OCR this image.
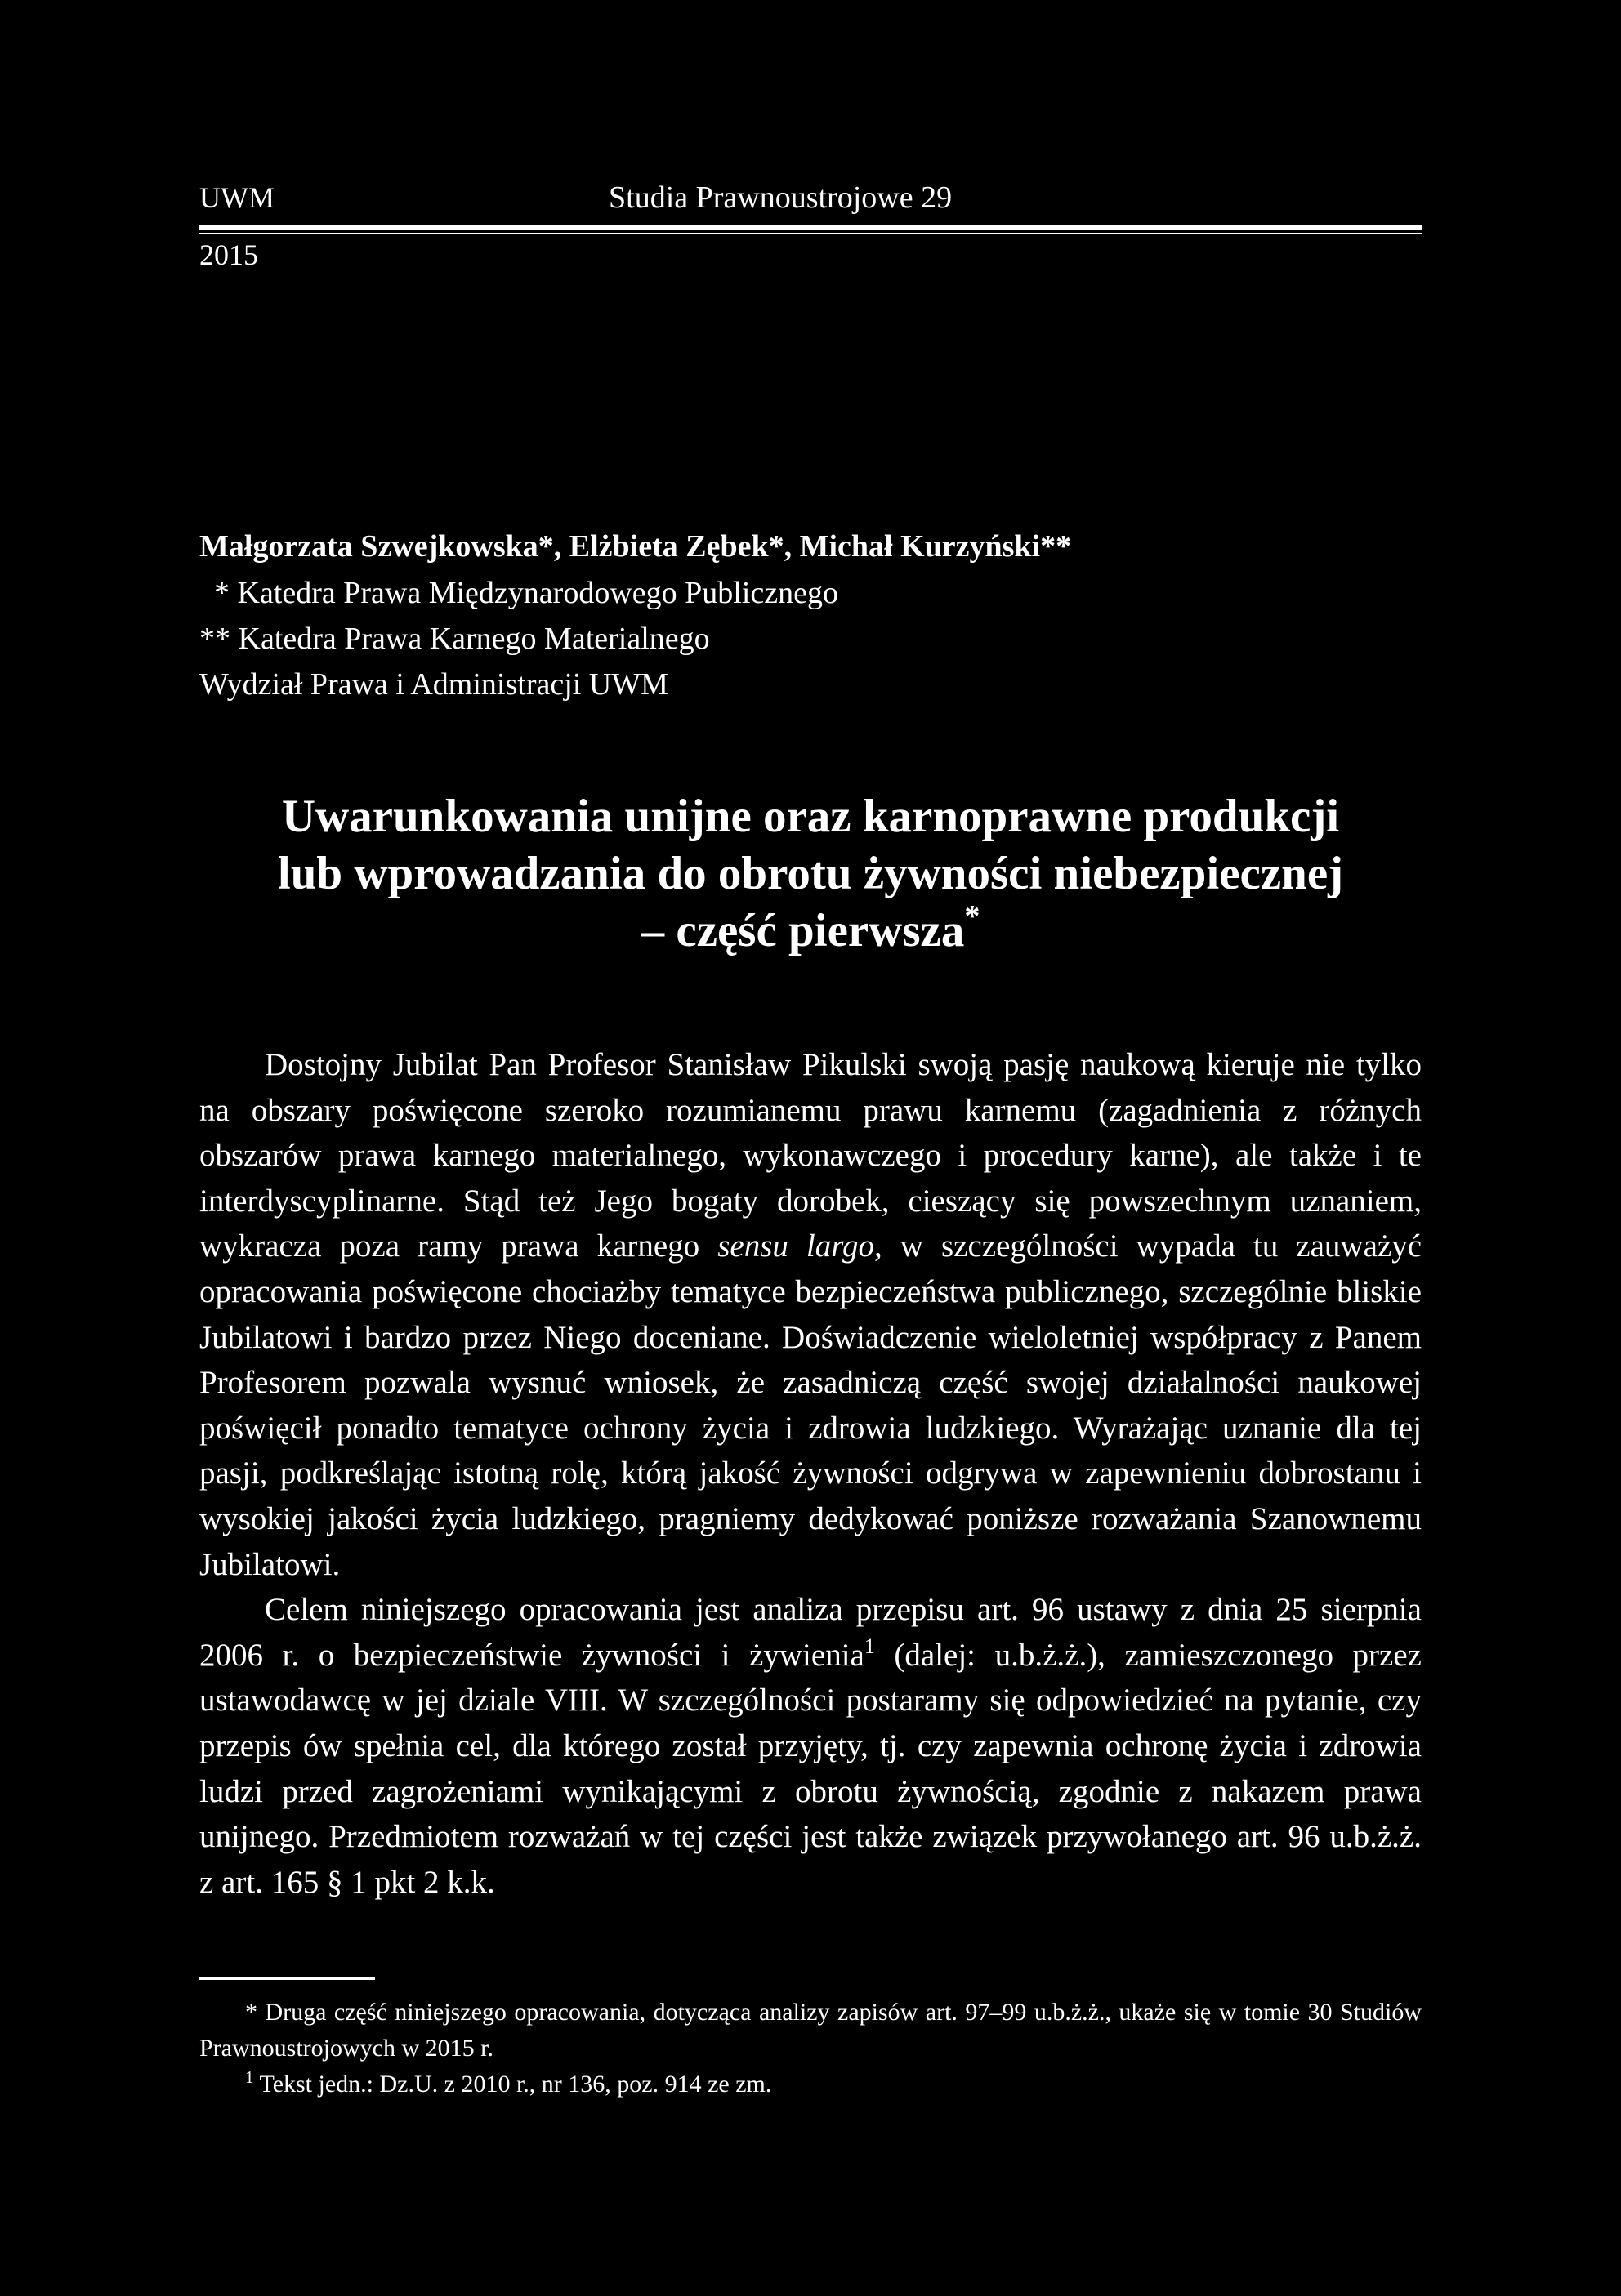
UWM	Studia Prawnoustrojowe 29
2015
Małgorzata Szwejkowska*, Elżbieta Zębek*, Michał Kurzyński**
* Katedra Prawa Międzynarodowego Publicznego
** Katedra Prawa Karnego Materialnego
Wydział Prawa i Administracji UWM
Uwarunkowania unijne oraz karnoprawne produkcji
lub wprowadzania do obrotu żywności niebezpiecznej
– część pierwsza*

Dostojny Jubilat Pan Profesor Stanisław Pikulski swoją pasję naukową kieruje nie tylko na obszary poświęcone szeroko rozumianemu prawu karnemu (zagadnienia z różnych obszarów prawa karnego materialnego, wykonawczego i procedury karne), ale także i te interdyscyplinarne. Stąd też Jego bogaty dorobek, cieszący się powszechnym uznaniem, wykracza poza ramy prawa karnego sensu largo, w szczególności wypada tu zauważyć opracowania poświęcone chociażby tematyce bezpieczeństwa publicznego, szczególnie bliskie Jubilatowi i bardzo przez Niego doceniane. Doświadczenie wieloletniej współpracy z Panem Profesorem pozwala wysnuć wniosek, że zasadniczą część swojej działalności naukowej poświęcił ponadto tematyce ochrony życia i zdrowia ludzkiego. Wyrażając uznanie dla tej pasji, podkreślając istotną rolę, którą jakość żywności odgrywa w zapewnieniu dobrostanu i wysokiej jakości życia ludzkiego, pragniemy dedykować poniższe rozważania Szanownemu Jubilatowi.

Celem niniejszego opracowania jest analiza przepisu art. 96 ustawy z dnia 25 sierpnia 2006 r. o bezpieczeństwie żywności i żywienia$^1$ (dalej: u.b.ż.ż.), zamieszczonego przez ustawodawcę w jej dziale VIII. W szczególności postaramy się odpowiedzieć na pytanie, czy przepis ów spełnia cel, dla którego został przyjęty, tj. czy zapewnia ochronę życia i zdrowia ludzi przed zagrożeniami wynikającymi z obrotu żywnością, zgodnie z nakazem prawa unijnego. Przedmiotem rozważań w tej części jest także związek przywołanego art. 96 u.b.ż.ż. z art. 165 § 1 pkt 2 k.k.

* Druga część niniejszego opracowania, dotycząca analizy zapisów art. 97–99 u.b.ż.ż., ukaże się w tomie 30 Studiów Prawnoustrojowych w 2015 r.

$^1$ Tekst jedn.: Dz.U. z 2010 r., nr 136, poz. 914 ze zm.
